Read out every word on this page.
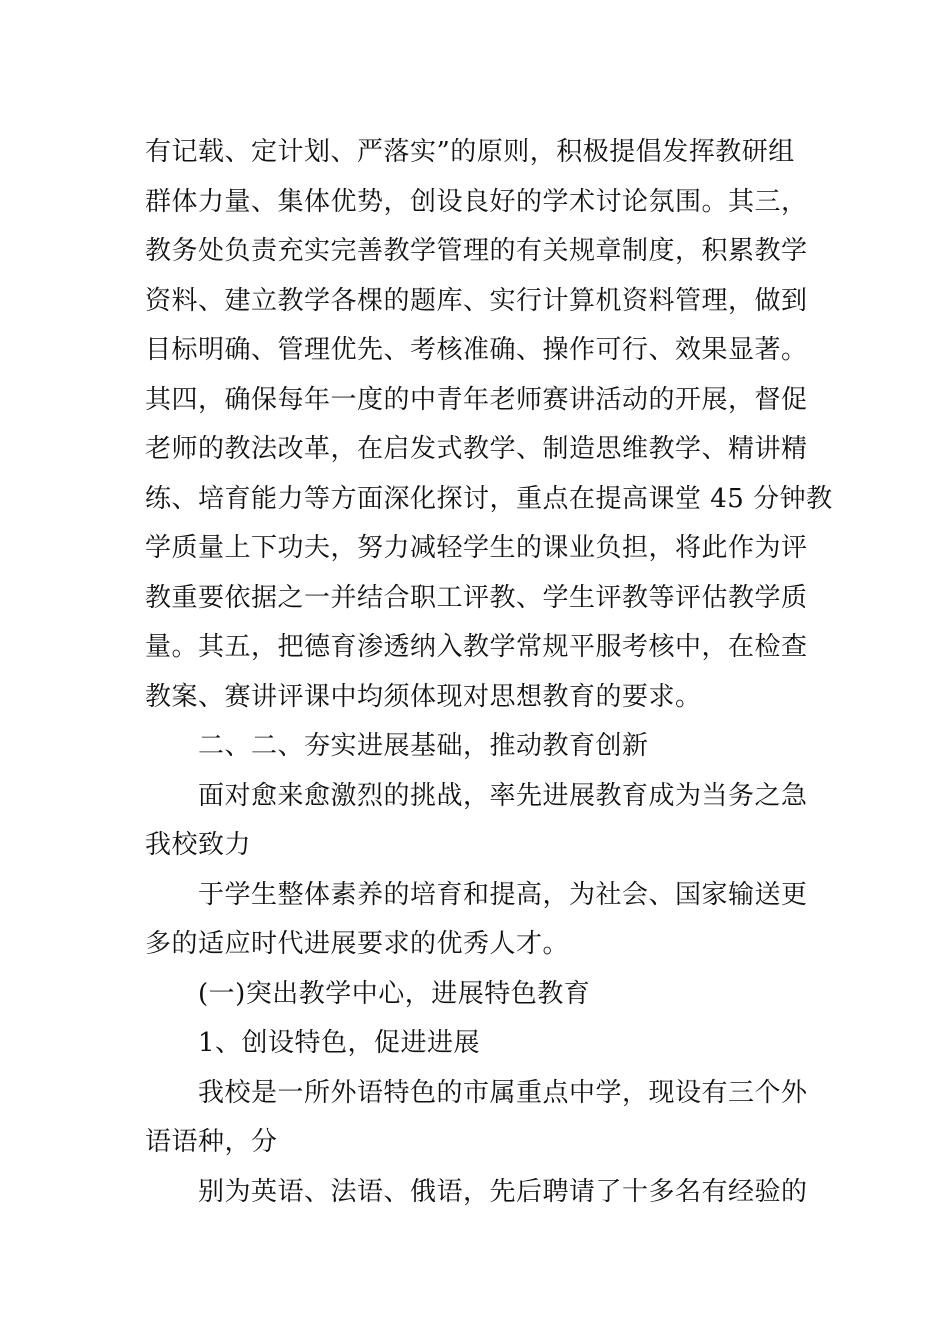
有记载、定计划、严落实”的原则，积极提倡发挥教研组
群体力量、集体优势，创设良好的学术讨论氛围。其三，
教务处负责充实完善教学管理的有关规章制度，积累教学
资料、建立教学各棵的题库、实行计算机资料管理，做到
目标明确、管理优先、考核准确、操作可行、效果显著。
其四，确保每年一度的中青年老师赛讲活动的开展，督促
老师的教法改革，在启发式教学、制造思维教学、精讲精
练、培育能力等方面深化探讨，重点在提高课堂 45 分钟教
学质量上下功夫，努力减轻学生的课业负担，将此作为评
教重要依据之一并结合职工评教、学生评教等评估教学质
量。其五，把德育渗透纳入教学常规平服考核中，在检查
教案、赛讲评课中均须体现对思想教育的要求。
二、二、夯实进展基础，推动教育创新
面对愈来愈激烈的挑战，率先进展教育成为当务之急
我校致力
于学生整体素养的培育和提高，为社会、国家输送更
多的适应时代进展要求的优秀人才。
(一)突出教学中心，进展特色教育
1、创设特色，促进进展
我校是一所外语特色的市属重点中学，现设有三个外
语语种，分
别为英语、法语、俄语，先后聘请了十多名有经验的
